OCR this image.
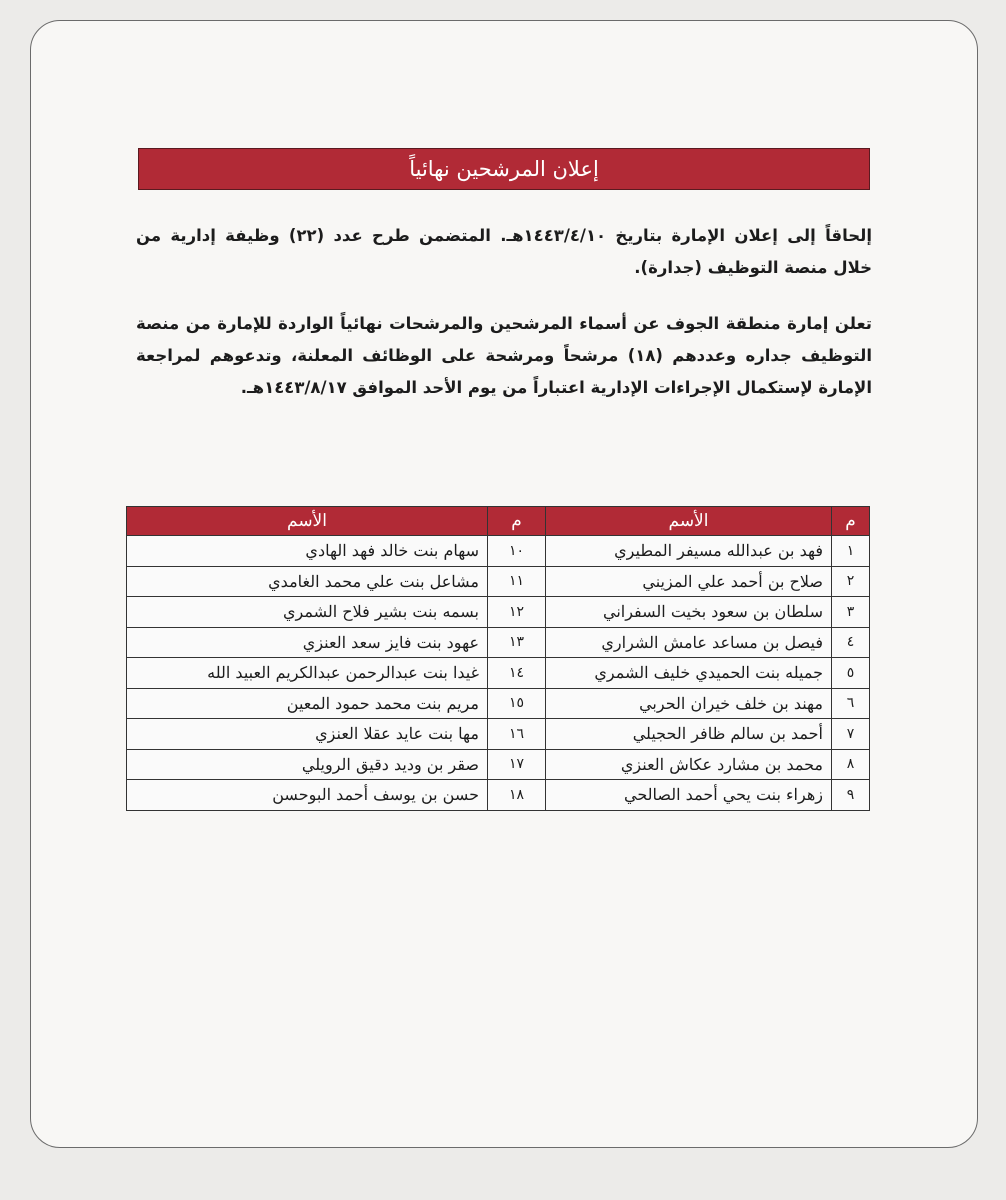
إعلان المرشحين نهائياً

إلحاقاً إلى إعلان الإمارة بتاريخ ١٤٤٣/٤/١٠هـ. المتضمن طرح عدد (٢٢) وظيفة إدارية من خلال منصة التوظيف (جدارة).

تعلن إمارة منطقة الجوف عن أسماء المرشحين والمرشحات نهائياً الواردة للإمارة من منصة التوظيف جداره وعددهم (١٨) مرشحاً ومرشحة على الوظائف المعلنة، وتدعوهم لمراجعة الإمارة لإستكمال الإجراءات الإدارية اعتباراً من يوم الأحد الموافق ١٤٤٣/٨/١٧هـ.

م	الأسم	م	الأسم
١	فهد بن عبدالله مسيفر المطيري	١٠	سهام بنت خالد فهد الهادي
٢	صلاح بن أحمد علي المزيني	١١	مشاعل بنت علي محمد الغامدي
٣	سلطان بن سعود بخيت السفراني	١٢	بسمه بنت بشير فلاح الشمري
٤	فيصل بن مساعد عامش الشراري	١٣	عهود بنت فايز سعد العنزي
٥	جميله بنت الحميدي خليف الشمري	١٤	غيدا بنت عبدالرحمن عبدالكريم العبيد الله
٦	مهند بن خلف خيران الحربي	١٥	مريم بنت محمد حمود المعين
٧	أحمد بن سالم ظافر الحجيلي	١٦	مها بنت عايد عقلا العنزي
٨	محمد بن مشارد عكاش العنزي	١٧	صقر بن وديد دقيق الرويلي
٩	زهراء بنت يحي أحمد الصالحي	١٨	حسن بن يوسف أحمد البوحسن
